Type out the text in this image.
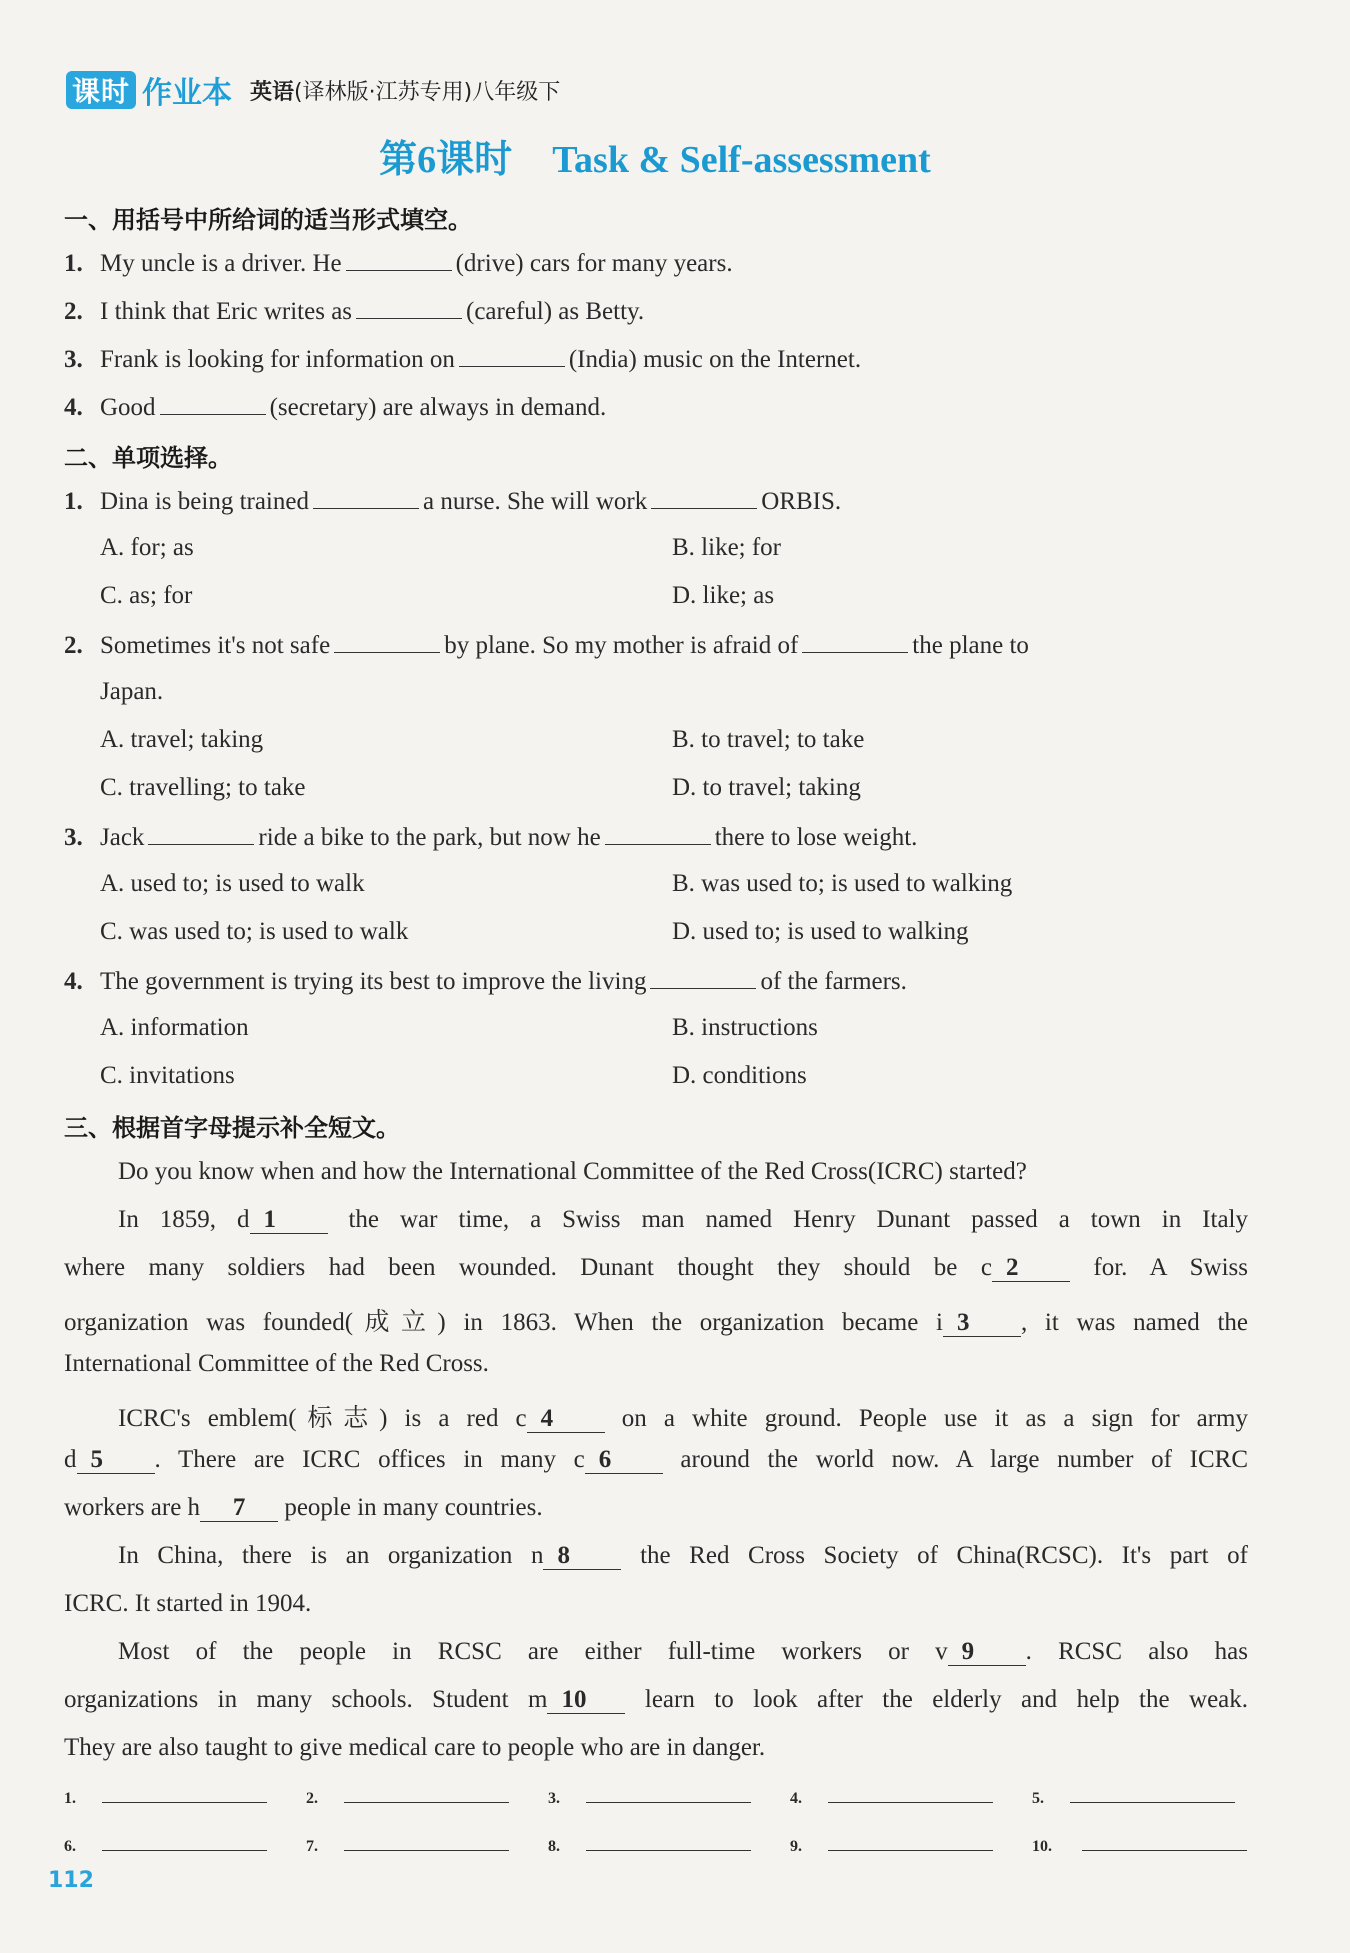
课时 作业本 英语(译林版·江苏专用)八年级下
第6课时 Task & Self-assessment
一、用括号中所给词的适当形式填空。
1. My uncle is a driver. He	(drive) cars for many years.
2. I think that Eric writes as	(careful) as Betty.
3. Frank is looking for information on	(India) music on the Internet.
4. Good	(secretary) are always in demand.
二、单项选择。
1. Dina is being trained	a nurse. She will work	ORBIS.
A. for; as	B. like; for
C. as; for	D. like; as
2. Sometimes it's not safe	by plane. So my mother is afraid of	the plane to
Japan.
A. travel; taking	B. to travel; to take
C. travelling; to take	D. to travel; taking
3. Jack	ride a bike to the park, but now he	there to lose weight.
A. used to; is used to walk	B. was used to; is used to walking
C. was used to; is used to walk	D. used to; is used to walking
4. The government is trying its best to improve the living	of the farmers.
A. information	B. instructions
C. invitations	D. conditions
三、根据首字母提示补全短文。
Do you know when and how the International Committee of the Red Cross(ICRC) started?
In 1859, d 1	the war time, a Swiss man named Henry Dunant passed a town in Italy
where many soldiers had been wounded. Dunant thought they should be c 2	for. A Swiss
organization was founded(成立) in 1863. When the organization became i 3 , it was named the
International Committee of the Red Cross.
ICRC's emblem(标志) is a red c 4	on a white ground. People use it as a sign for army
d 5 . There are ICRC offices in many c 6	around the world now. A large number of ICRC
workers are h 7 people in many countries.
In China, there is an organization n 8	the Red Cross Society of China(RCSC). It's part of
ICRC. It started in 1904.
Most of the people in RCSC are either full-time workers or v 9 . RCSC also has
organizations in many schools. Student m 10 learn to look after the elderly and help the weak.
They are also taught to give medical care to people who are in danger.
1.	2.	3.	4.	5.
6.	7.	8.	9.	10.
112
